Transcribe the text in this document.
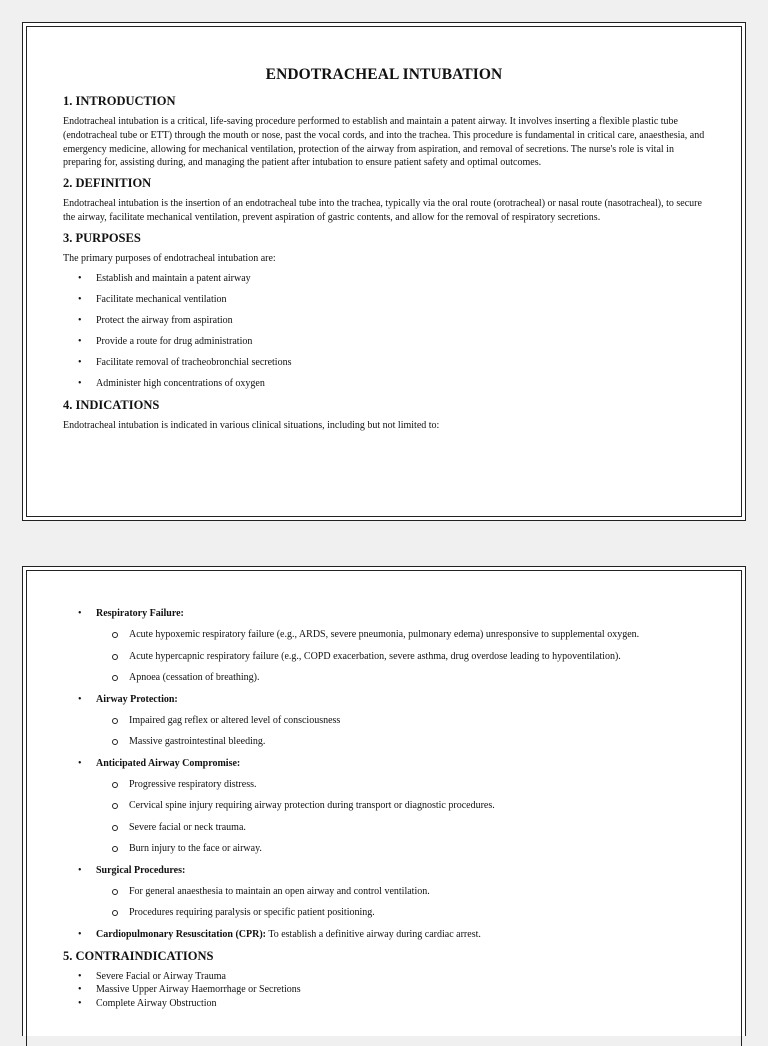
ENDOTRACHEAL INTUBATION
1. INTRODUCTION

Endotracheal intubation is a critical, life-saving procedure performed to establish and maintain a patent airway. It involves inserting a flexible plastic tube (endotracheal tube or ETT) through the mouth or nose, past the vocal cords, and into the trachea. This procedure is fundamental in critical care, anaesthesia, and emergency medicine, allowing for mechanical ventilation, protection of the airway from aspiration, and removal of secretions. The nurse's role is vital in preparing for, assisting during, and managing the patient after intubation to ensure patient safety and optimal outcomes.

2. DEFINITION

Endotracheal intubation is the insertion of an endotracheal tube into the trachea, typically via the oral route (orotracheal) or nasal route (nasotracheal), to secure the airway, facilitate mechanical ventilation, prevent aspiration of gastric contents, and allow for the removal of respiratory secretions.

3. PURPOSES

The primary purposes of endotracheal intubation are:

• Establish and maintain a patent airway
• Facilitate mechanical ventilation
• Protect the airway from aspiration
• Provide a route for drug administration
• Facilitate removal of tracheobronchial secretions
• Administer high concentrations of oxygen
4. INDICATIONS

Endotracheal intubation is indicated in various clinical situations, including but not limited to:

• Respiratory Failure:
Acute hypoxemic respiratory failure (e.g., ARDS, severe pneumonia, pulmonary edema) unresponsive to supplemental oxygen.
Acute hypercapnic respiratory failure (e.g., COPD exacerbation, severe asthma, drug overdose leading to hypoventilation).
Apnoea (cessation of breathing).
• Airway Protection:
Impaired gag reflex or altered level of consciousness
Massive gastrointestinal bleeding.
• Anticipated Airway Compromise:
Progressive respiratory distress.
Cervical spine injury requiring airway protection during transport or diagnostic procedures.
Severe facial or neck trauma.
Burn injury to the face or airway.
• Surgical Procedures:
For general anaesthesia to maintain an open airway and control ventilation.
Procedures requiring paralysis or specific patient positioning.
• Cardiopulmonary Resuscitation (CPR): To establish a definitive airway during cardiac arrest.
5. CONTRAINDICATIONS
• Severe Facial or Airway Trauma
• Massive Upper Airway Haemorrhage or Secretions
• Complete Airway Obstruction
